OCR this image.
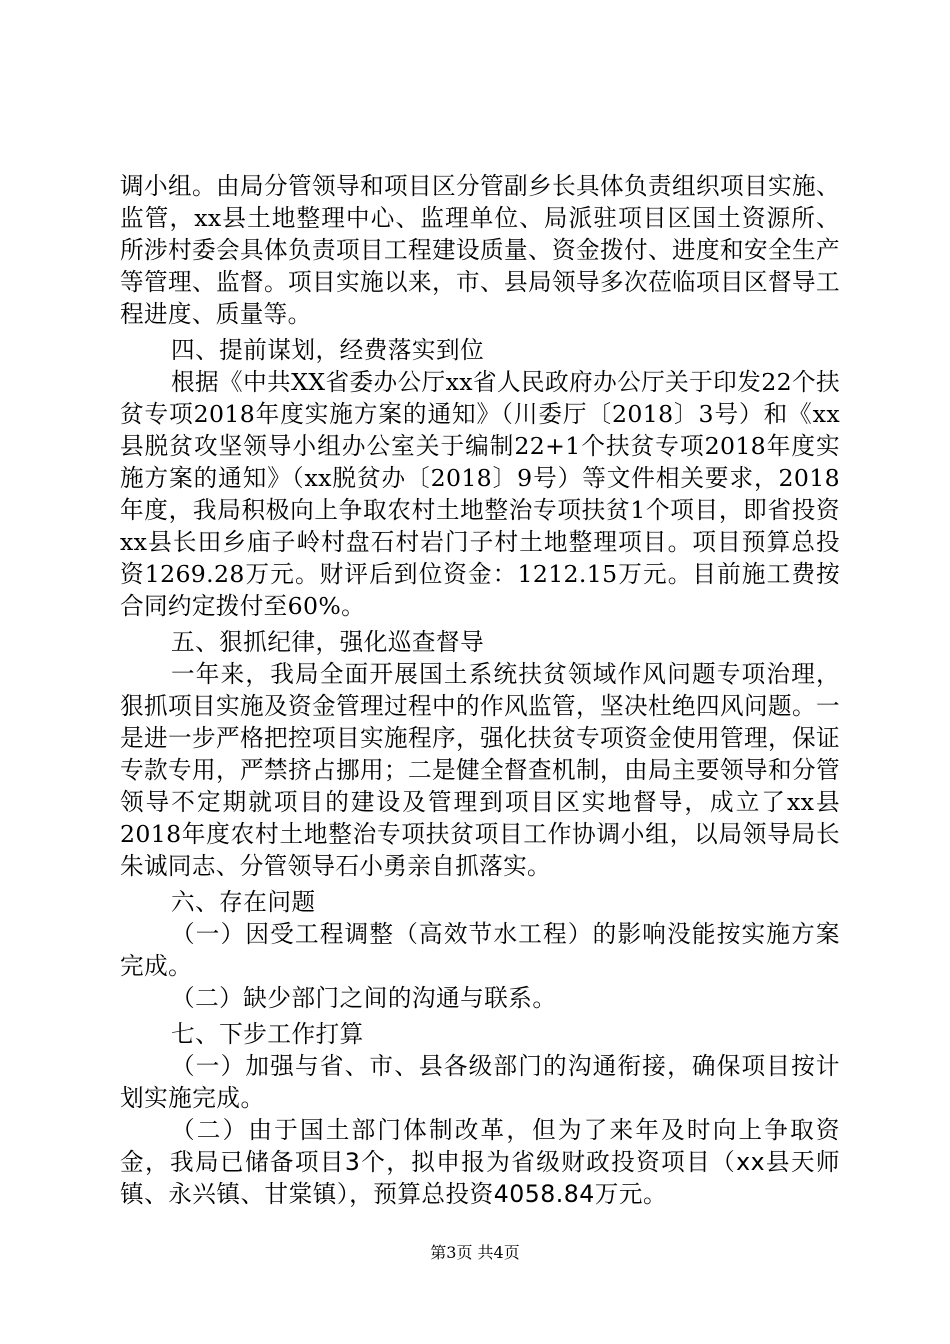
调小组。由局分管领导和项目区分管副乡长具体负责组织项目实施、监管，xx县土地整理中心、监理单位、局派驻项目区国土资源所、所涉村委会具体负责项目工程建设质量、资金拨付、进度和安全生产等管理、监督。项目实施以来，市、县局领导多次莅临项目区督导工程进度、质量等。

四、提前谋划，经费落实到位

根据《中共XX省委办公厅xx省人民政府办公厅关于印发22个扶贫专项2018年度实施方案的通知》（川委厅〔2018〕3号）和《xx县脱贫攻坚领导小组办公室关于编制22+1个扶贫专项2018年度实施方案的通知》（xx脱贫办〔2018〕9号）等文件相关要求，2018年度，我局积极向上争取农村土地整治专项扶贫1个项目，即省投资xx县长田乡庙子岭村盘石村岩门子村土地整理项目。项目预算总投资1269.28万元。财评后到位资金：1212.15万元。目前施工费按合同约定拨付至60%。

五、狠抓纪律，强化巡查督导

一年来，我局全面开展国土系统扶贫领域作风问题专项治理，狠抓项目实施及资金管理过程中的作风监管，坚决杜绝四风问题。一是进一步严格把控项目实施程序，强化扶贫专项资金使用管理，保证专款专用，严禁挤占挪用；二是健全督查机制，由局主要领导和分管领导不定期就项目的建设及管理到项目区实地督导，成立了xx县2018年度农村土地整治专项扶贫项目工作协调小组，以局领导局长朱诚同志、分管领导石小勇亲自抓落实。

六、存在问题

（一）因受工程调整（高效节水工程）的影响没能按实施方案完成。

（二）缺少部门之间的沟通与联系。

七、下步工作打算

（一）加强与省、市、县各级部门的沟通衔接，确保项目按计划实施完成。

（二）由于国土部门体制改革，但为了来年及时向上争取资金，我局已储备项目3个，拟申报为省级财政投资项目（xx县天师镇、永兴镇、甘棠镇），预算总投资4058.84万元。

第3页 共4页
